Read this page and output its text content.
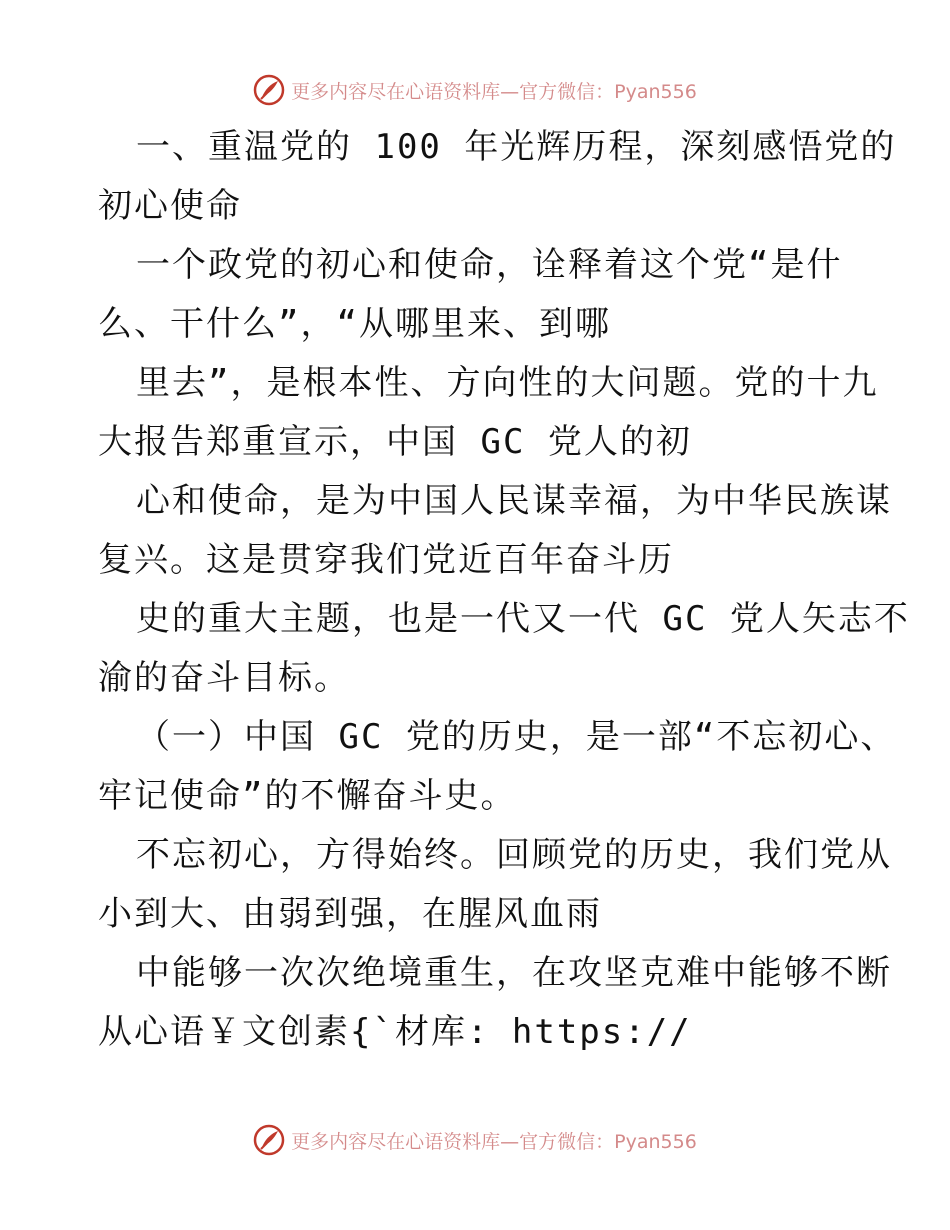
更多内容尽在心语资料库—官方微信：Pyan556
一、重温党的 100 年光辉历程，深刻感悟党的
初心使命
一个政党的初心和使命，诠释着这个党“是什
么、干什么”，“从哪里来、到哪
里去”，是根本性、方向性的大问题。党的十九
大报告郑重宣示，中国 GC 党人的初
心和使命，是为中国人民谋幸福，为中华民族谋
复兴。这是贯穿我们党近百年奋斗历
史的重大主题，也是一代又一代 GC 党人矢志不
渝的奋斗目标。
（一）中国 GC 党的历史，是一部“不忘初心、
牢记使命”的不懈奋斗史。
不忘初心，方得始终。回顾党的历史，我们党从
小到大、由弱到强，在腥风血雨
中能够一次次绝境重生，在攻坚克难中能够不断
从心语￥文创素{`材库: https://
更多内容尽在心语资料库—官方微信：Pyan556
